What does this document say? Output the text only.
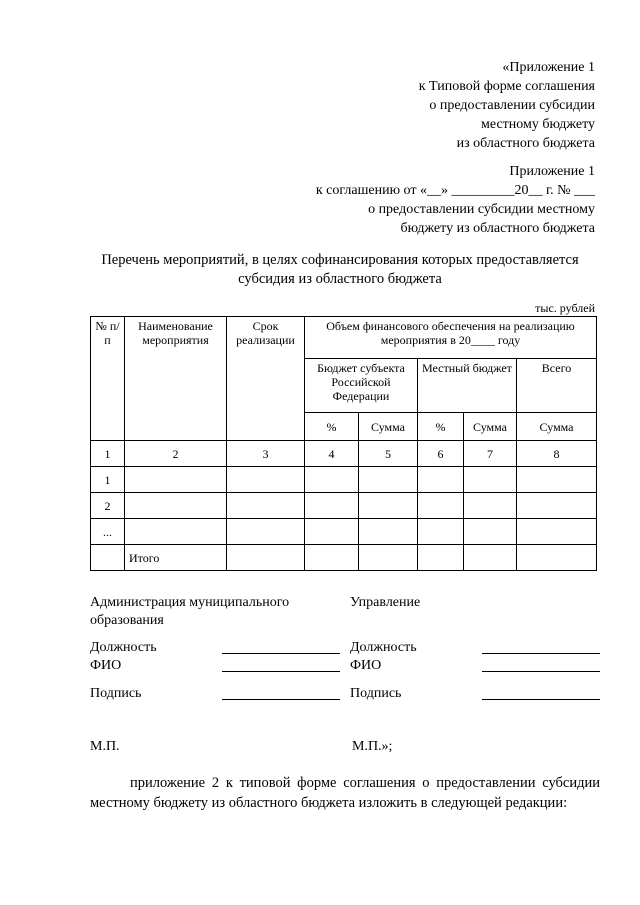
«Приложение 1
к Типовой форме соглашения
о предоставлении субсидии
местному бюджету
из областного бюджета
Приложение 1
к соглашению от «__» _________20__ г. № ___
о предоставлении субсидии местному
бюджету из областного бюджета
Перечень мероприятий, в целях софинансирования которых предоставляется
субсидия из областного бюджета
тыс. рублей
№ п/п	Наименование мероприятия	Срок реализации	Объем финансового обеспечения на реализацию мероприятия в 20____ году				
			Бюджет субъекта Российской Федерации		Местный бюджет		Всего
			%	Сумма	%	Сумма	Сумма
1	2	3	4	5	6	7	8
1							
2							
...							
	Итого						
Администрация муниципального образования
Управление
Должность	Должность
ФИО	ФИО
Подпись	Подпись
М.П.	М.П.»;
приложение 2 к типовой форме соглашения о предоставлении субсидии местному бюджету из областного бюджета изложить в следующей редакции:
